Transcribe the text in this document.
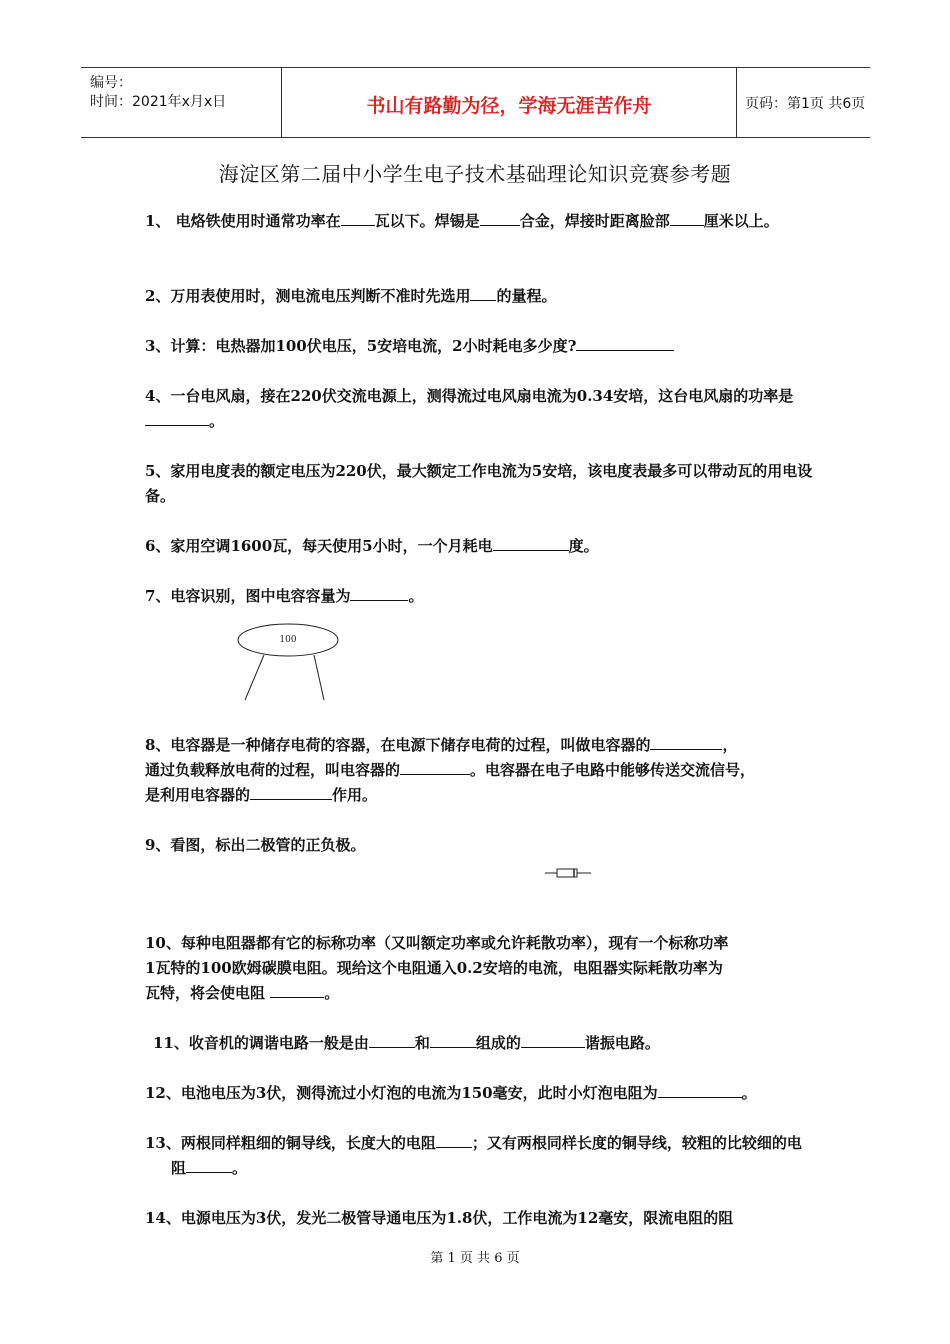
编号：
时间：2021年x月x日	书山有路勤为径，学海无涯苦作舟	页码：第1页 共6页
海淀区第二届中小学生电子技术基础理论知识竞赛参考题
1、 电烙铁使用时通常功率在 瓦以下。焊锡是	合金，焊接时距离脸部 厘米以上。
2、万用表使用时，测电流电压判断不准时先选用 的量程。
3、计算：电热器加100伏电压，5安培电流，2小时耗电多少度?
4、一台电风扇，接在220伏交流电源上，测得流过电风扇电流为0.34安培，这台电风扇的功率是 。
5、家用电度表的额定电压为220伏，最大额定工作电流为5安培，该电度表最多可以带动瓦的用电设备。
6、家用空调1600瓦，每天使用5小时，一个月耗电	度。
7、电容识别，图中电容容量为	。
100
8、电容器是一种储存电荷的容器，在电源下储存电荷的过程，叫做电容器的	，
通过负载释放电荷的过程，叫电容器的	。电容器在电子电路中能够传送交流信号，
是利用电容器的	作用。
9、看图，标出二极管的正负极。
10、每种电阻器都有它的标称功率（又叫额定功率或允许耗散功率），现有一个标称功率
1瓦特的100欧姆碳膜电阻。现给这个电阻通入0.2安培的电流，电阻器实际耗散功率为
瓦特，将会使电阻	。
11、收音机的调谐电路一般是由	和	组成的	谐振电路。
12、电池电压为3伏，测得流过小灯泡的电流为150毫安，此时小灯泡电阻为	。
13、两根同样粗细的铜导线，长度大的电阻 ；又有两根同样长度的铜导线，较粗的比较细的电阻	。
14、电源电压为3伏，发光二极管导通电压为1.8伏，工作电流为12毫安，限流电阻的阻
第 1 页 共 6 页
